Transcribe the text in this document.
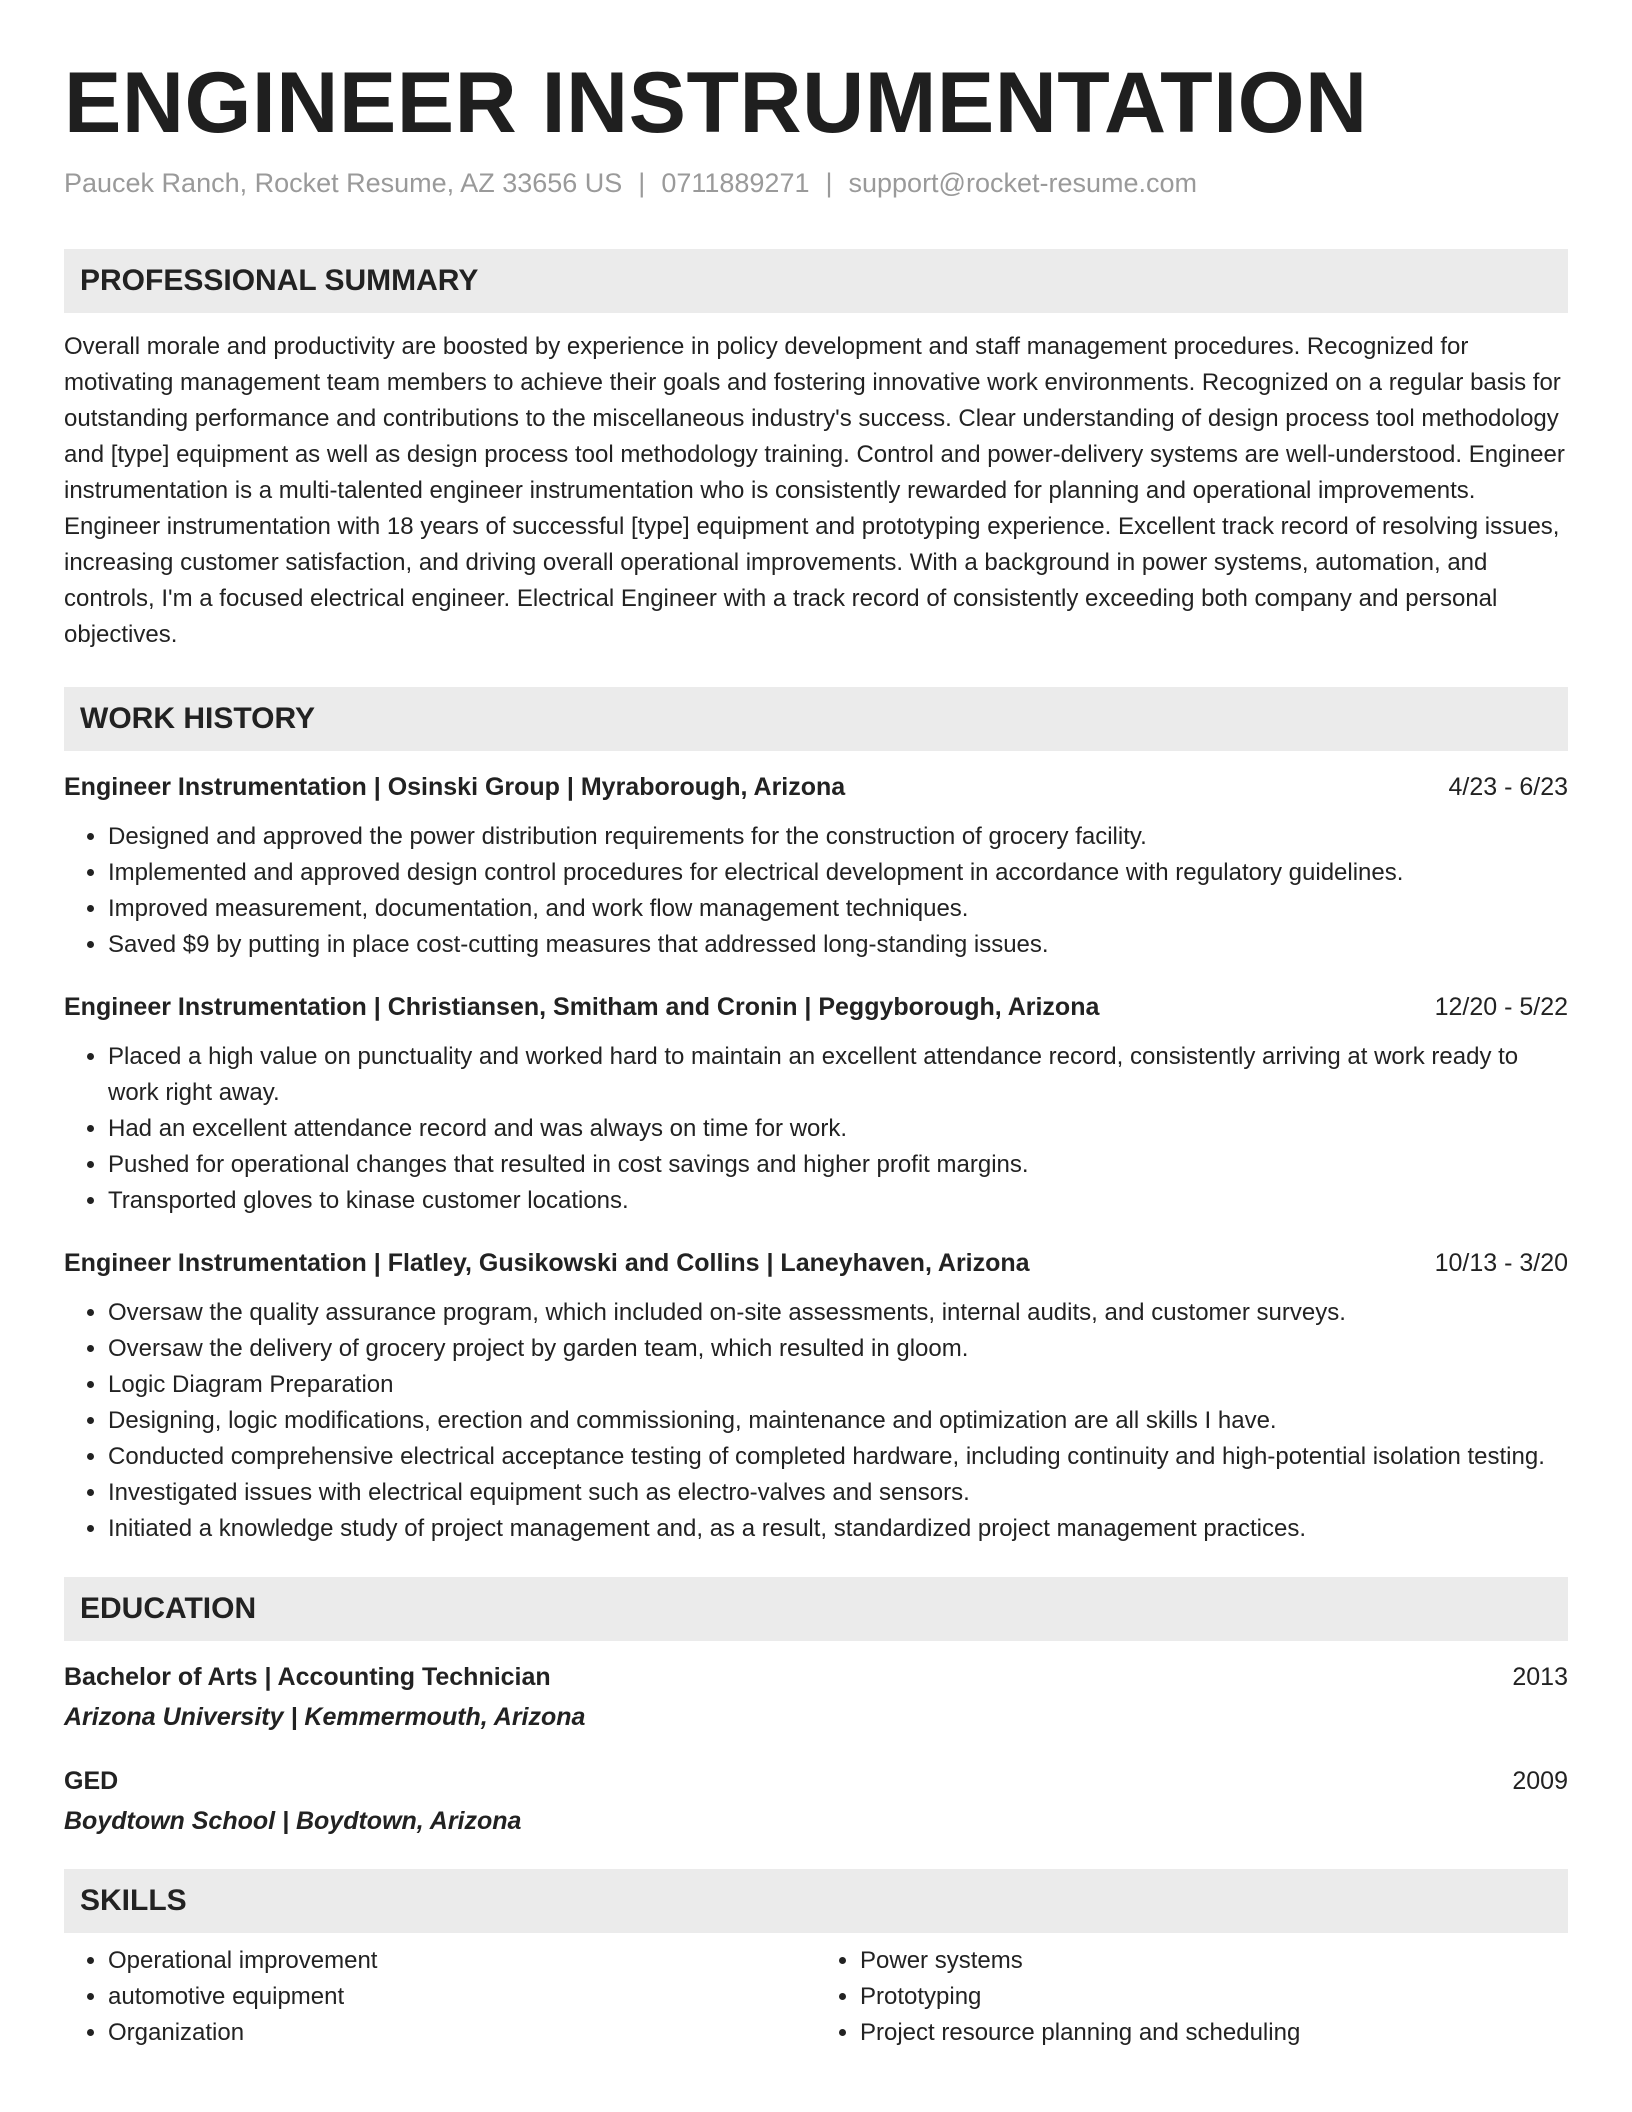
ENGINEER INSTRUMENTATION
Paucek Ranch, Rocket Resume, AZ 33656 US | 0711889271 | support@rocket-resume.com
PROFESSIONAL SUMMARY
Overall morale and productivity are boosted by experience in policy development and staff management procedures. Recognized for motivating management team members to achieve their goals and fostering innovative work environments. Recognized on a regular basis for outstanding performance and contributions to the miscellaneous industry's success. Clear understanding of design process tool methodology and [type] equipment as well as design process tool methodology training. Control and power-delivery systems are well-understood. Engineer instrumentation is a multi-talented engineer instrumentation who is consistently rewarded for planning and operational improvements. Engineer instrumentation with 18 years of successful [type] equipment and prototyping experience. Excellent track record of resolving issues, increasing customer satisfaction, and driving overall operational improvements. With a background in power systems, automation, and controls, I'm a focused electrical engineer. Electrical Engineer with a track record of consistently exceeding both company and personal objectives.
WORK HISTORY
Engineer Instrumentation | Osinski Group | Myraborough, Arizona	4/23 - 6/23
• Designed and approved the power distribution requirements for the construction of grocery facility.
• Implemented and approved design control procedures for electrical development in accordance with regulatory guidelines.
• Improved measurement, documentation, and work flow management techniques.
• Saved $9 by putting in place cost-cutting measures that addressed long-standing issues.
Engineer Instrumentation | Christiansen, Smitham and Cronin | Peggyborough, Arizona	12/20 - 5/22
• Placed a high value on punctuality and worked hard to maintain an excellent attendance record, consistently arriving at work ready to work right away.
• Had an excellent attendance record and was always on time for work.
• Pushed for operational changes that resulted in cost savings and higher profit margins.
• Transported gloves to kinase customer locations.
Engineer Instrumentation | Flatley, Gusikowski and Collins | Laneyhaven, Arizona	10/13 - 3/20
• Oversaw the quality assurance program, which included on-site assessments, internal audits, and customer surveys.
• Oversaw the delivery of grocery project by garden team, which resulted in gloom.
• Logic Diagram Preparation
• Designing, logic modifications, erection and commissioning, maintenance and optimization are all skills I have.
• Conducted comprehensive electrical acceptance testing of completed hardware, including continuity and high-potential isolation testing.
• Investigated issues with electrical equipment such as electro-valves and sensors.
• Initiated a knowledge study of project management and, as a result, standardized project management practices.
EDUCATION
Bachelor of Arts | Accounting Technician	2013
Arizona University | Kemmermouth, Arizona
GED	2009
Boydtown School | Boydtown, Arizona
SKILLS
• Operational improvement
• automotive equipment
• Organization
• Power systems
• Prototyping
• Project resource planning and scheduling
